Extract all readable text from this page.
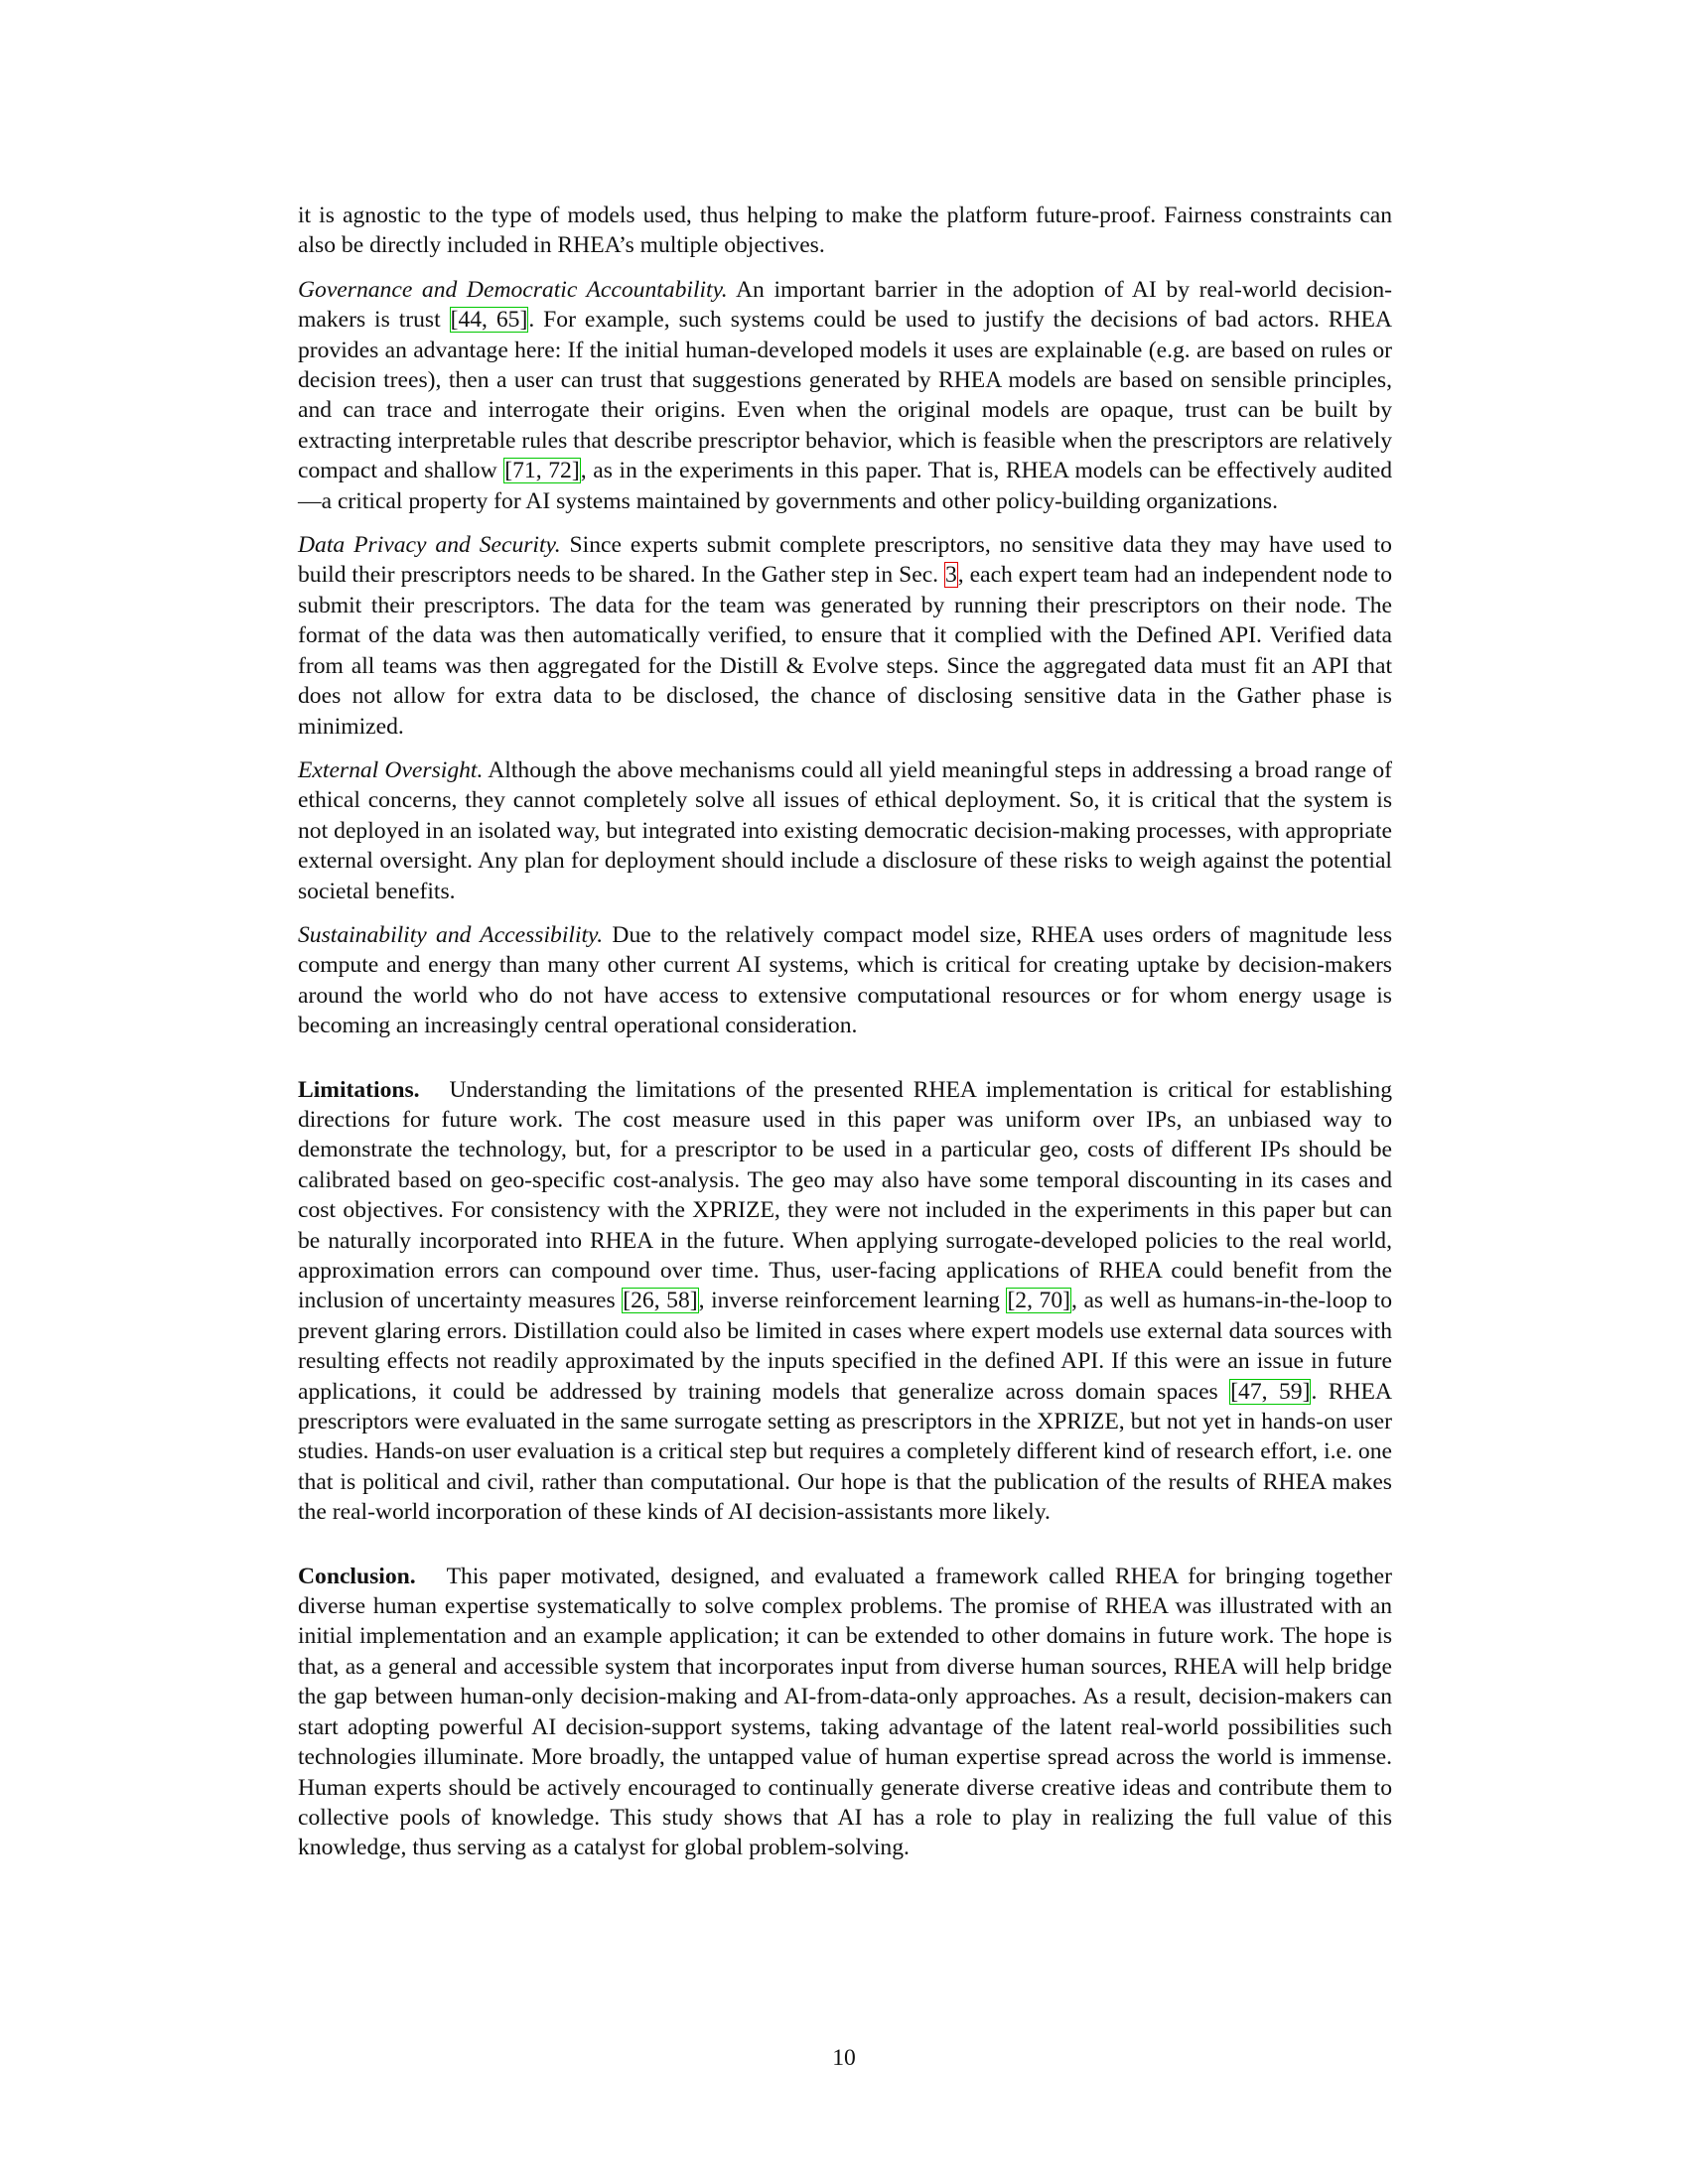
it is agnostic to the type of models used, thus helping to make the platform future-proof. Fairness constraints can also be directly included in RHEA’s multiple objectives.

Governance and Democratic Accountability. An important barrier in the adoption of AI by real-world decision-makers is trust [44, 65]. For example, such systems could be used to justify the decisions of bad actors. RHEA provides an advantage here: If the initial human-developed models it uses are explainable (e.g. are based on rules or decision trees), then a user can trust that suggestions generated by RHEA models are based on sensible principles, and can trace and interrogate their origins. Even when the original models are opaque, trust can be built by extracting interpretable rules that describe prescriptor behavior, which is feasible when the prescriptors are relatively compact and shallow [71, 72], as in the experiments in this paper. That is, RHEA models can be effectively audited—a critical property for AI systems maintained by governments and other policy-building organizations.

Data Privacy and Security. Since experts submit complete prescriptors, no sensitive data they may have used to build their prescriptors needs to be shared. In the Gather step in Sec. 3, each expert team had an independent node to submit their prescriptors. The data for the team was generated by running their prescriptors on their node. The format of the data was then automatically verified, to ensure that it complied with the Defined API. Verified data from all teams was then aggregated for the Distill & Evolve steps. Since the aggregated data must fit an API that does not allow for extra data to be disclosed, the chance of disclosing sensitive data in the Gather phase is minimized.

External Oversight. Although the above mechanisms could all yield meaningful steps in addressing a broad range of ethical concerns, they cannot completely solve all issues of ethical deployment. So, it is critical that the system is not deployed in an isolated way, but integrated into existing democratic decision-making processes, with appropriate external oversight. Any plan for deployment should include a disclosure of these risks to weigh against the potential societal benefits.

Sustainability and Accessibility. Due to the relatively compact model size, RHEA uses orders of magnitude less compute and energy than many other current AI systems, which is critical for creating uptake by decision-makers around the world who do not have access to extensive computational resources or for whom energy usage is becoming an increasingly central operational consideration.

Limitations.   Understanding the limitations of the presented RHEA implementation is critical for establishing directions for future work. The cost measure used in this paper was uniform over IPs, an unbiased way to demonstrate the technology, but, for a prescriptor to be used in a particular geo, costs of different IPs should be calibrated based on geo-specific cost-analysis. The geo may also have some temporal discounting in its cases and cost objectives. For consistency with the XPRIZE, they were not included in the experiments in this paper but can be naturally incorporated into RHEA in the future. When applying surrogate-developed policies to the real world, approximation errors can compound over time. Thus, user-facing applications of RHEA could benefit from the inclusion of uncertainty measures [26, 58], inverse reinforcement learning [2, 70], as well as humans-in-the-loop to prevent glaring errors. Distillation could also be limited in cases where expert models use external data sources with resulting effects not readily approximated by the inputs specified in the defined API. If this were an issue in future applications, it could be addressed by training models that generalize across domain spaces [47, 59]. RHEA prescriptors were evaluated in the same surrogate setting as prescriptors in the XPRIZE, but not yet in hands-on user studies. Hands-on user evaluation is a critical step but requires a completely different kind of research effort, i.e. one that is political and civil, rather than computational. Our hope is that the publication of the results of RHEA makes the real-world incorporation of these kinds of AI decision-assistants more likely.

Conclusion.   This paper motivated, designed, and evaluated a framework called RHEA for bringing together diverse human expertise systematically to solve complex problems. The promise of RHEA was illustrated with an initial implementation and an example application; it can be extended to other domains in future work. The hope is that, as a general and accessible system that incorporates input from diverse human sources, RHEA will help bridge the gap between human-only decision-making and AI-from-data-only approaches. As a result, decision-makers can start adopting powerful AI decision-support systems, taking advantage of the latent real-world possibilities such technologies illuminate. More broadly, the untapped value of human expertise spread across the world is immense. Human experts should be actively encouraged to continually generate diverse creative ideas and contribute them to collective pools of knowledge. This study shows that AI has a role to play in realizing the full value of this knowledge, thus serving as a catalyst for global problem-solving.

10
